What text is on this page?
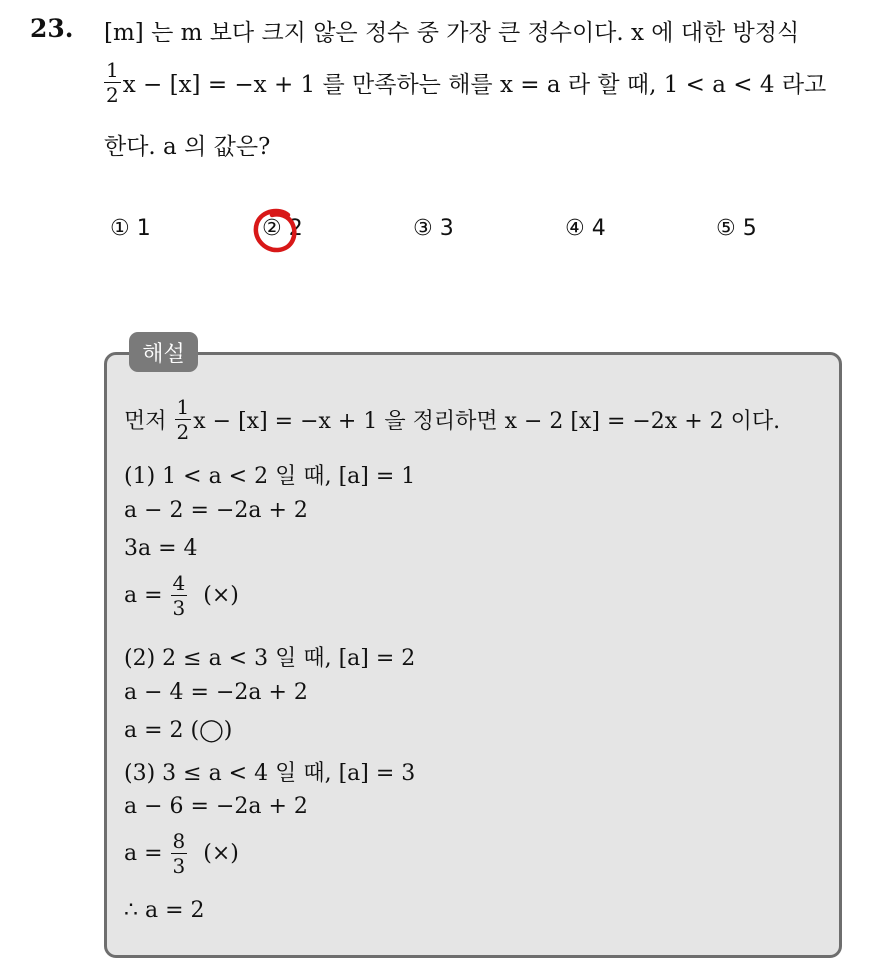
23. [m] 는 m 보다 크지 않은 정수 중 가장 큰 정수이다. x 에 대한 방정식
$\frac{1}{2}$ x − [x] = −x + 1 를 만족하는 해를 x = a 라 할 때, 1 < a < 4 라고
한다. a 의 값은?
① 1	② 2	③ 3	④ 4	⑤ 5
해설
먼저 $\frac{1}{2}$ x − [x] = −x + 1 을 정리하면 x − 2 [x] = −2x + 2 이다.
(1) 1 < a < 2 일 때, [a] = 1
a − 2 = −2a + 2
3a = 4
$a = \frac{4}{3}$ (×)
(2) 2 ≤ a < 3 일 때, [a] = 2
a − 4 = −2a + 2
a = 2 (◯)
(3) 3 ≤ a < 4 일 때, [a] = 3
a − 6 = −2a + 2
$a = \frac{8}{3}$ (×)
∴ a = 2
